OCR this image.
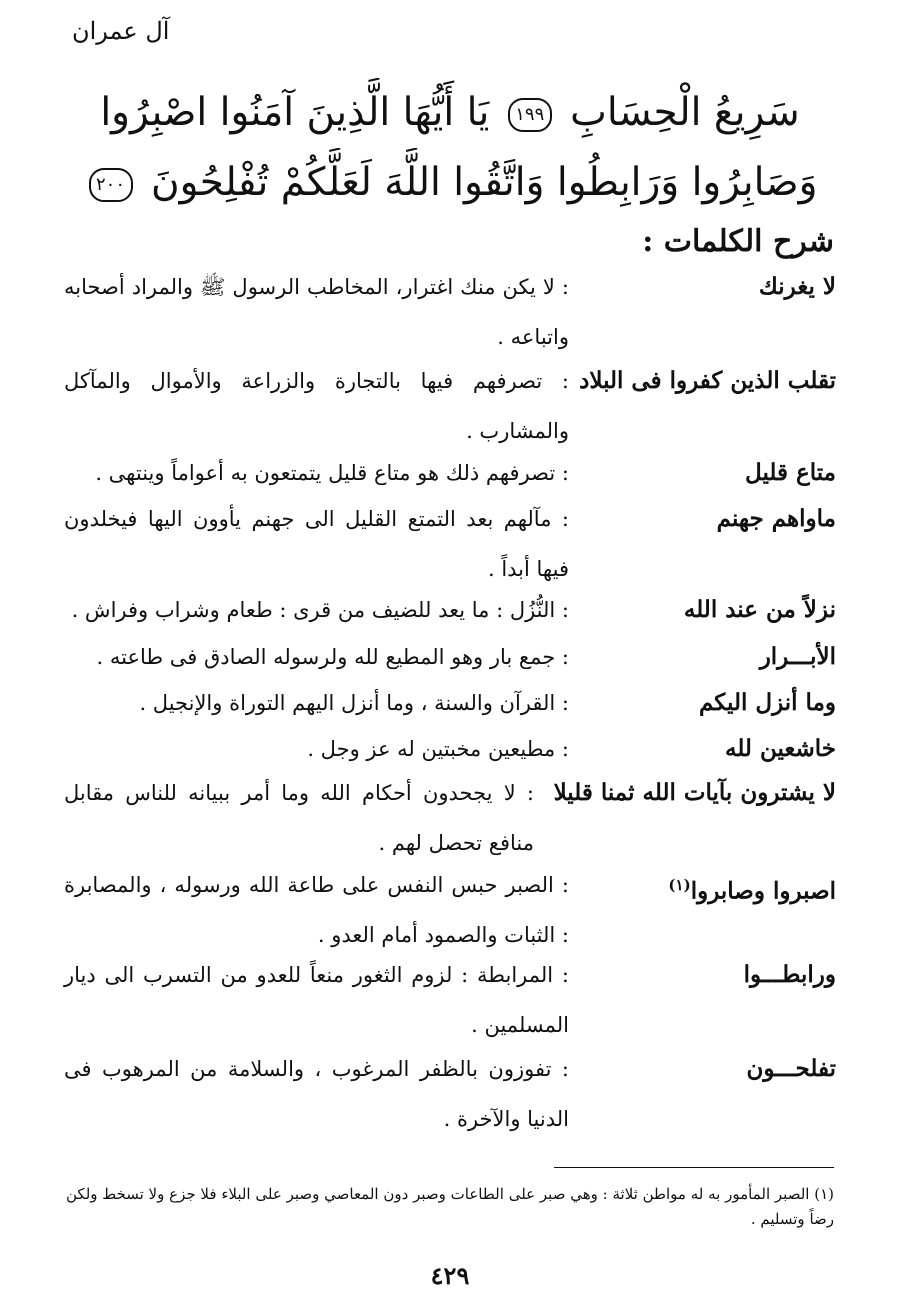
آل عمران
سَرِيعُ الْحِسَابِ ١٩٩ يَا أَيُّهَا الَّذِينَ آمَنُوا اصْبِرُوا
وَصَابِرُوا وَرَابِطُوا وَاتَّقُوا اللَّهَ لَعَلَّكُمْ تُفْلِحُونَ ٢٠٠
شرح الكلمات :
لا يغرنك
: لا يكن منك اغترار، المخاطب الرسول ﷺ والمراد أصحابه واتباعه .
تقلب الذين كفروا فى البلاد
: تصرفهم فيها بالتجارة والزراعة والأموال والمآكل والمشارب .
متاع قليل
: تصرفهم ذلك هو متاع قليل يتمتعون به أعواماً وينتهى .
ماواهم جهنم
: مآلهم بعد التمتع القليل الى جهنم يأوون اليها فيخلدون فيها أبداً .
نزلاً من عند الله
: النُّزُل : ما يعد للضيف من قرى : طعام وشراب وفراش .
الأبـــرار
: جمع بار وهو المطيع لله ولرسوله الصادق فى طاعته .
وما أنزل اليكم
: القرآن والسنة ، وما أنزل اليهم التوراة والإنجيل .
خاشعين لله
: مطيعين مخبتين له عز وجل .
لا يشترون بآيات الله ثمنا قليلا
: لا يجحدون أحكام الله وما أمر ببيانه للناس مقابل منافع تحصل لهم .
اصبروا وصابروا$^{(١)}$
: الصبر حبس النفس على طاعة الله ورسوله ، والمصابرة : الثبات والصمود أمام العدو .
ورابطـــوا
: المرابطة : لزوم الثغور منعاً للعدو من التسرب الى ديار المسلمين .
تفلحـــون
: تفوزون بالظفر المرغوب ، والسلامة من المرهوب فى الدنيا والآخرة .
(١) الصبر المأمور به له مواطن ثلاثة : وهي صبر على الطاعات وصبر دون المعاصي وصبر على البلاء فلا جزع ولا تسخط ولكن رضاً وتسليم .
٤٢٩
